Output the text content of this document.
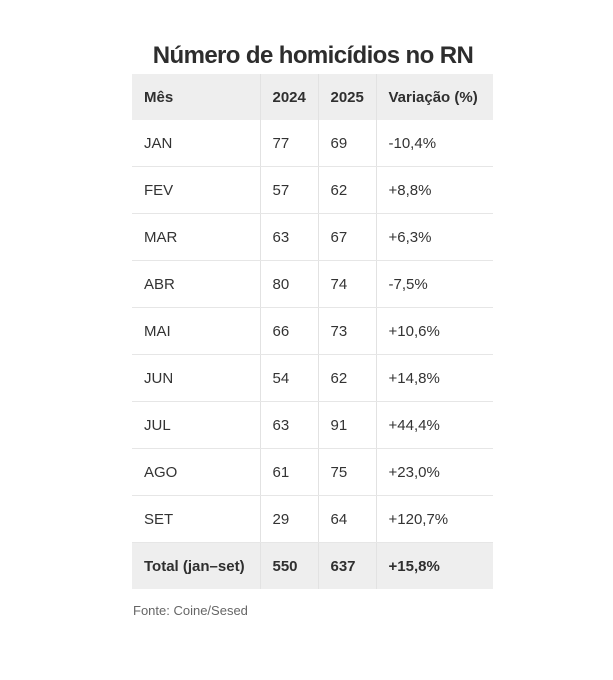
Número de homicídios no RN
Mês	2024	2025	Variação (%)
JAN	77	69	-10,4%
FEV	57	62	+8,8%
MAR	63	67	+6,3%
ABR	80	74	-7,5%
MAI	66	73	+10,6%
JUN	54	62	+14,8%
JUL	63	91	+44,4%
AGO	61	75	+23,0%
SET	29	64	+120,7%
Total (jan–set)	550	637	+15,8%
Fonte: Coine/Sesed
